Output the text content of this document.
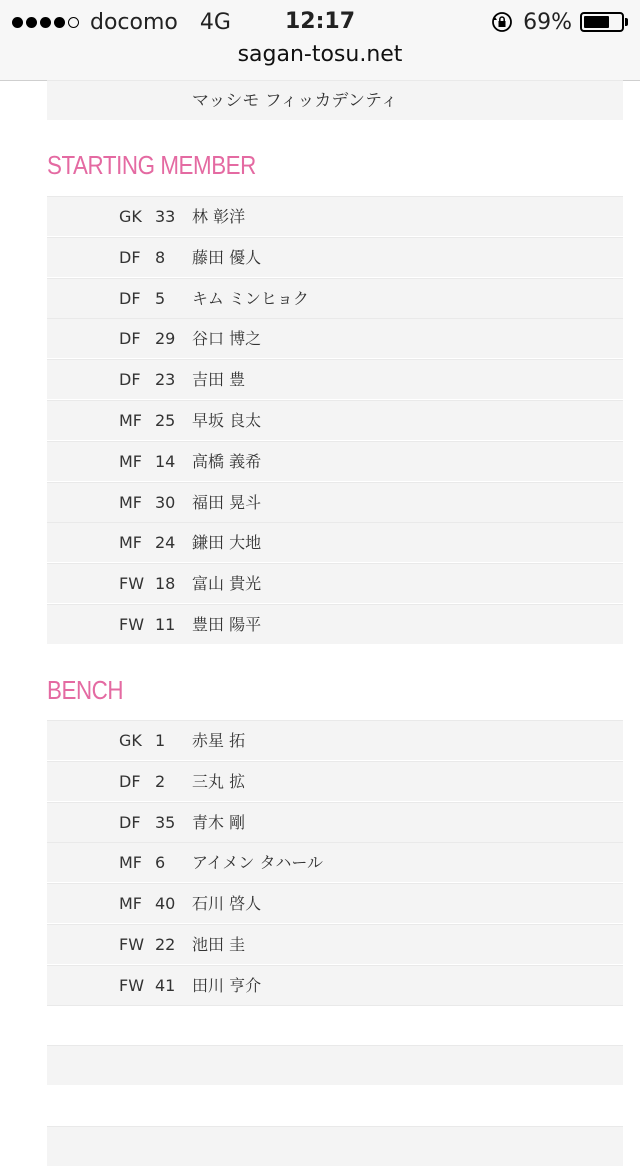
docomo 4G	12:17	69%
sagan-tosu.net
マッシモ フィッカデンティ
STARTING MEMBER
GK 33 林 彰洋
DF 8 藤田 優人
DF 5 キム ミンヒョク
DF 29 谷口 博之
DF 23 吉田 豊
MF 25 早坂 良太
MF 14 高橋 義希
MF 30 福田 晃斗
MF 24 鎌田 大地
FW 18 富山 貴光
FW 11 豊田 陽平
BENCH
GK 1 赤星 拓
DF 2 三丸 拡
DF 35 青木 剛
MF 6 アイメン タハール
MF 40 石川 啓人
FW 22 池田 圭
FW 41 田川 亨介
